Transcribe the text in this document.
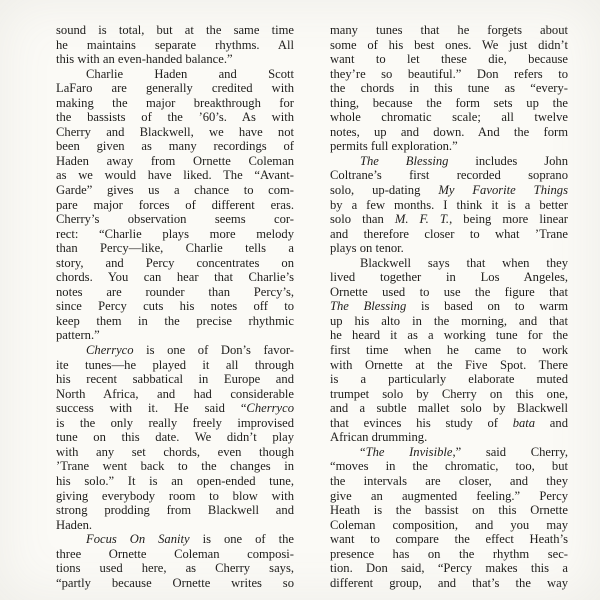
sound is total, but at the same time
he maintains separate rhythms. All
this with an even-handed balance.”
Charlie Haden and Scott
LaFaro are generally credited with
making the major breakthrough for
the bassists of the ’60’s. As with
Cherry and Blackwell, we have not
been given as many recordings of
Haden away from Ornette Coleman
as we would have liked. The “Avant-
Garde” gives us a chance to com-
pare major forces of different eras.
Cherry’s observation seems cor-
rect: “Charlie plays more melody
than Percy—like, Charlie tells a
story, and Percy concentrates on
chords. You can hear that Charlie’s
notes are rounder than Percy’s,
since Percy cuts his notes off to
keep them in the precise rhythmic
pattern.”
Cherryco is one of Don’s favor-
ite tunes—he played it all through
his recent sabbatical in Europe and
North Africa, and had considerable
success with it. He said “Cherryco
is the only really freely improvised
tune on this date. We didn’t play
with any set chords, even though
’Trane went back to the changes in
his solo.” It is an open-ended tune,
giving everybody room to blow with
strong prodding from Blackwell and
Haden.
Focus On Sanity is one of the
three Ornette Coleman composi-
tions used here, as Cherry says,
“partly because Ornette writes so
many tunes that he forgets about
some of his best ones. We just didn’t
want to let these die, because
they’re so beautiful.” Don refers to
the chords in this tune as “every-
thing, because the form sets up the
whole chromatic scale; all twelve
notes, up and down. And the form
permits full exploration.”
The Blessing includes John
Coltrane’s first recorded soprano
solo, up-dating My Favorite Things
by a few months. I think it is a better
solo than M. F. T., being more linear
and therefore closer to what ’Trane
plays on tenor.
Blackwell says that when they
lived together in Los Angeles,
Ornette used to use the figure that
The Blessing is based on to warm
up his alto in the morning, and that
he heard it as a working tune for the
first time when he came to work
with Ornette at the Five Spot. There
is a particularly elaborate muted
trumpet solo by Cherry on this one,
and a subtle mallet solo by Blackwell
that evinces his study of bata and
African drumming.
“The Invisible,” said Cherry,
“moves in the chromatic, too, but
the intervals are closer, and they
give an augmented feeling.” Percy
Heath is the bassist on this Ornette
Coleman composition, and you may
want to compare the effect Heath’s
presence has on the rhythm sec-
tion. Don said, “Percy makes this a
different group, and that’s the way
